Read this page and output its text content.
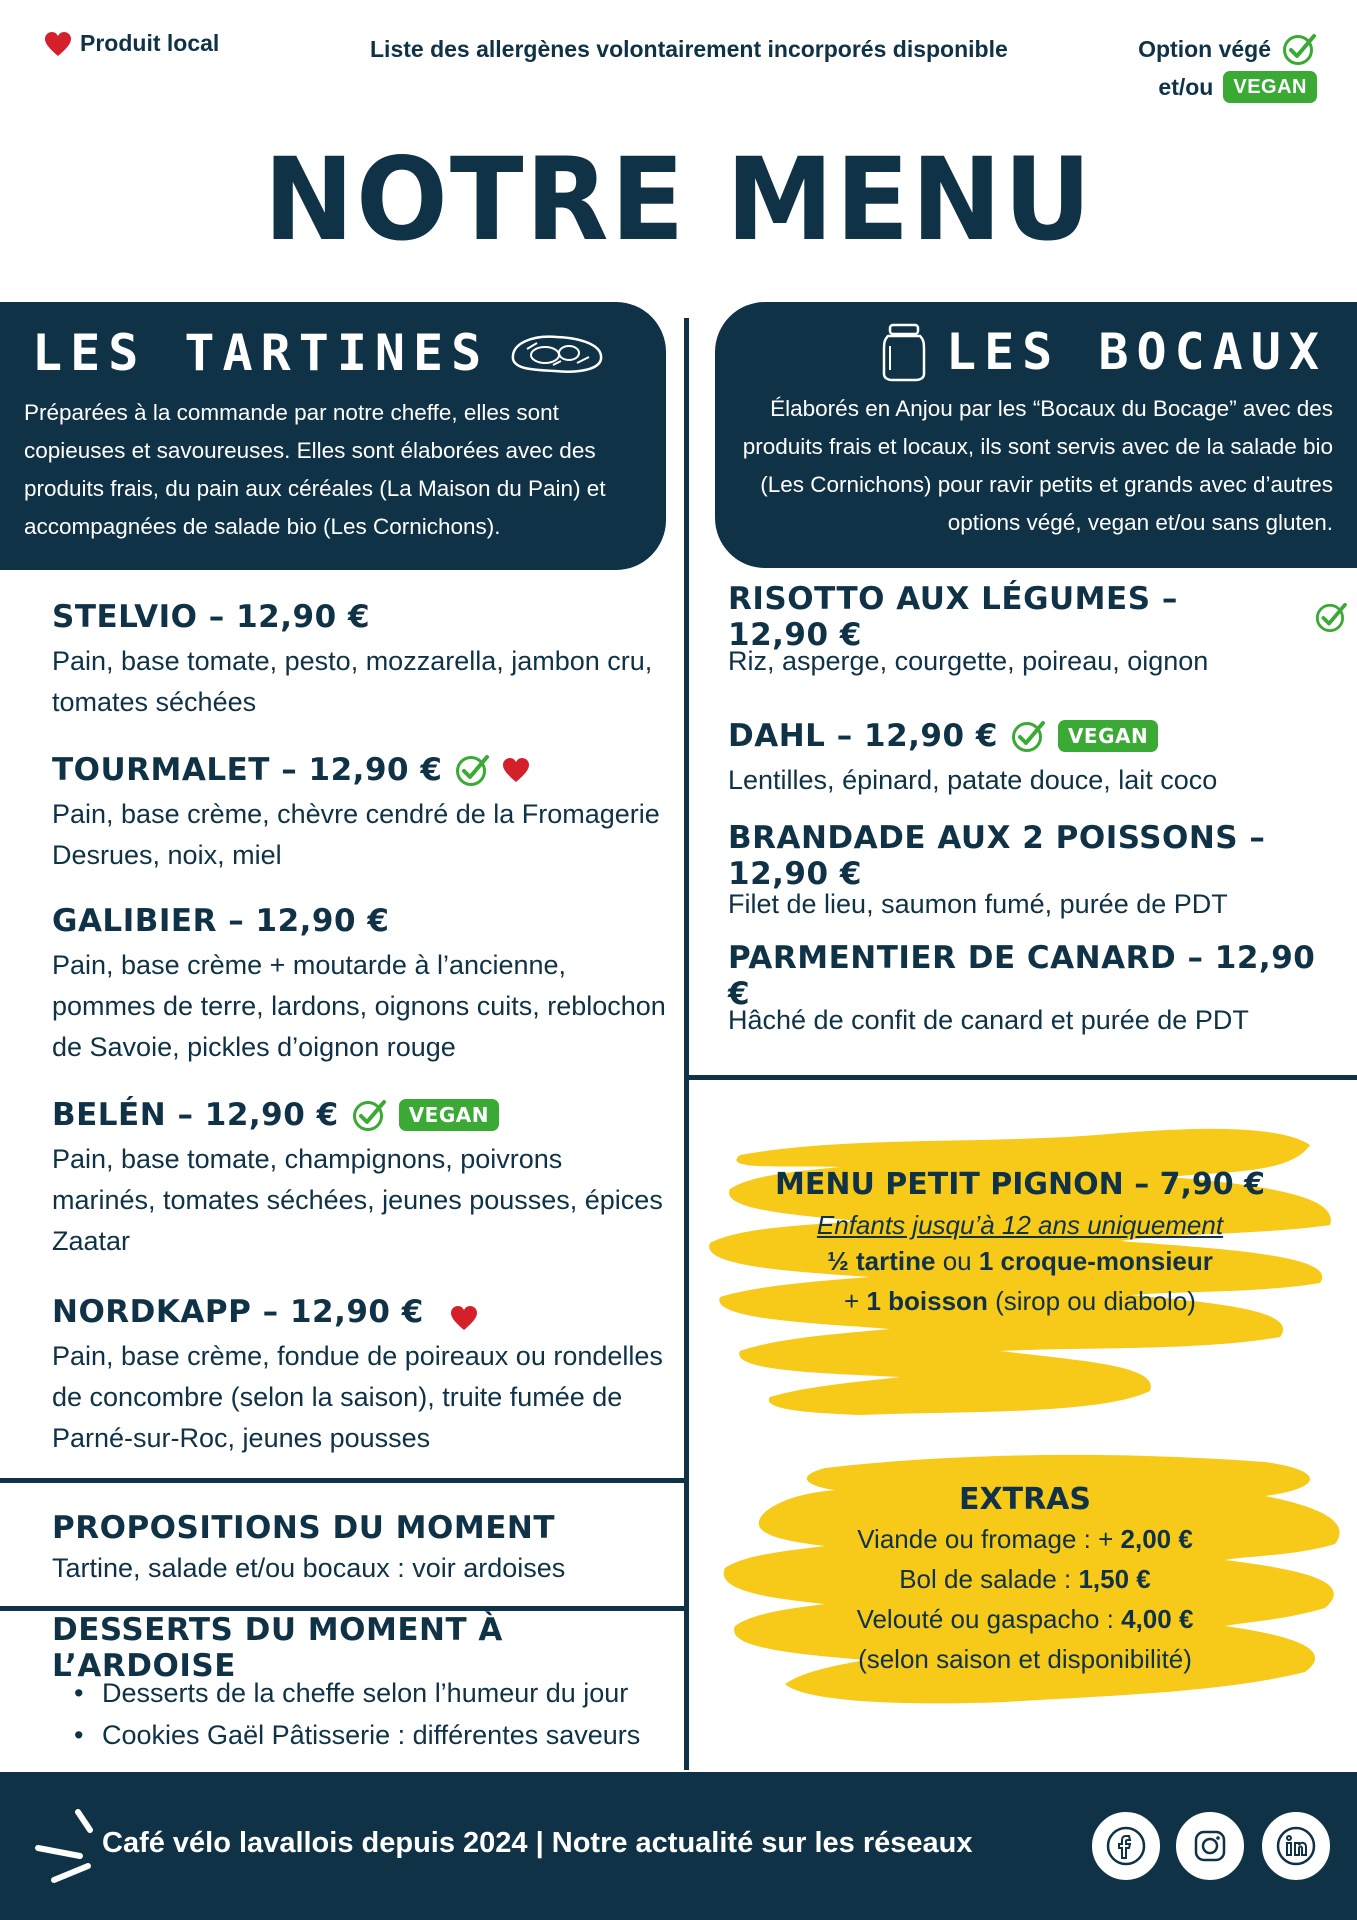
Produit local	Liste des allergènes volontairement incorporés disponible	Option végé
et/ou	VEGAN
NOTRE MENU
LES TARTINES
Préparées à la commande par notre cheffe, elles sont copieuses et savoureuses. Elles sont élaborées avec des produits frais, du pain aux céréales (La Maison du Pain) et accompagnées de salade bio (Les Cornichons).
LES BOCAUX
Élaborés en Anjou par les “Bocaux du Bocage” avec des produits frais et locaux, ils sont servis avec de la salade bio (Les Cornichons) pour ravir petits et grands avec d’autres options végé, vegan et/ou sans gluten.
STELVIO – 12,90 €
Pain, base tomate, pesto, mozzarella, jambon cru, tomates séchées
TOURMALET – 12,90 €
Pain, base crème, chèvre cendré de la Fromagerie Desrues, noix, miel
GALIBIER – 12,90 €
Pain, base crème + moutarde à l’ancienne, pommes de terre, lardons, oignons cuits, reblochon de Savoie, pickles d’oignon rouge
BELÉN – 12,90 €	VEGAN
Pain, base tomate, champignons, poivrons marinés, tomates séchées, jeunes pousses, épices Zaatar
NORDKAPP – 12,90 €
Pain, base crème, fondue de poireaux ou rondelles de concombre (selon la saison), truite fumée de Parné-sur-Roc, jeunes pousses
PROPOSITIONS DU MOMENT
Tartine, salade et/ou bocaux : voir ardoises
DESSERTS DU MOMENT À L’ARDOISE
• Desserts de la cheffe selon l’humeur du jour
• Cookies Gaël Pâtisserie : différentes saveurs
RISOTTO AUX LÉGUMES – 12,90 €
Riz, asperge, courgette, poireau, oignon
DAHL – 12,90 €	VEGAN
Lentilles, épinard, patate douce, lait coco
BRANDADE AUX 2 POISSONS – 12,90 €
Filet de lieu, saumon fumé, purée de PDT
PARMENTIER DE CANARD – 12,90 €
Hâché de confit de canard et purée de PDT
MENU PETIT PIGNON – 7,90 €
Enfants jusqu’à 12 ans uniquement
½ tartine ou 1 croque-monsieur
+ 1 boisson (sirop ou diabolo)
EXTRAS
Viande ou fromage : + 2,00 €
Bol de salade : 1,50 €
Velouté ou gaspacho : 4,00 €
(selon saison et disponibilité)
Café vélo lavallois depuis 2024 | Notre actualité sur les réseaux
